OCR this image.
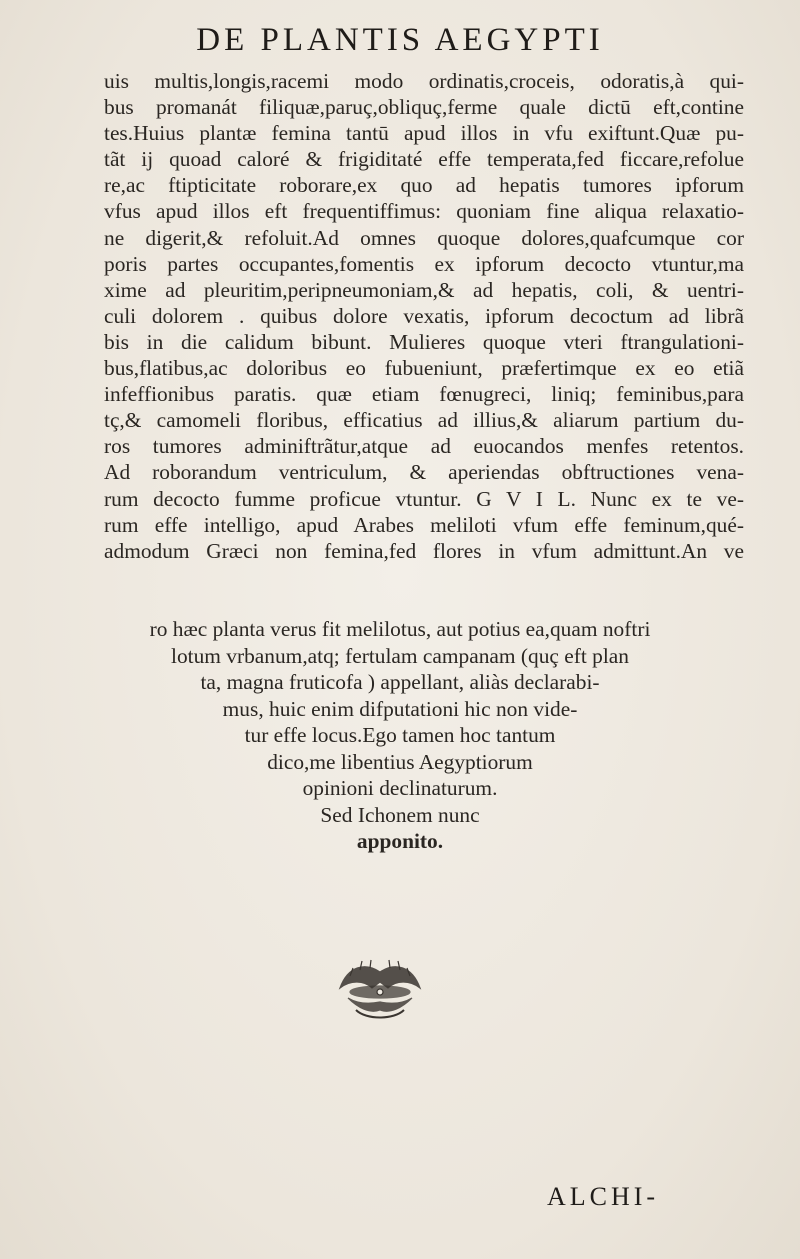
DE PLANTIS AEGYPTI
uis multis,longis,racemi modo ordinatis,croceis, odoratis,à qui-
bus promanát filiquæ,paruç,obliquç,ferme quale dictū eft,contine
tes.Huius plantæ femina tantū apud illos in vfu exiftunt.Quæ pu-
tãt ij quoad caloré & frigiditaté effe temperata,fed ficcare,refolue
re,ac ftipticitate roborare,ex quo ad hepatis tumores ipforum
vfus apud illos eft frequentiffimus: quoniam fine aliqua relaxatio-
ne digerit,& refoluit.Ad omnes quoque dolores,quafcumque cor
poris partes occupantes,fomentis ex ipforum decocto vtuntur,ma
xime ad pleuritim,peripneumoniam,& ad hepatis, coli, & uentri-
culi dolorem . quibus dolore vexatis, ipforum decoctum ad librã
bis in die calidum bibunt. Mulieres quoque vteri ftrangulationi-
bus,flatibus,ac doloribus eo fubueniunt, præfertimque ex eo etiã
infeffionibus paratis. quæ etiam fœnugreci, liniq; feminibus,para
tç,& camomeli floribus, efficatius ad illius,& aliarum partium du-
ros tumores adminiftrãtur,atque ad euocandos menfes retentos.
Ad roborandum ventriculum, & aperiendas obftructiones vena-
rum decocto fumme proficue vtuntur. G V I L. Nunc ex te ve-
rum effe intelligo, apud Arabes meliloti vfum effe feminum,qué-
admodum Græci non femina,fed flores in vfum admittunt.An ve
ro hæc planta verus fit melilotus, aut potius ea,quam noftri
lotum vrbanum,atq; fertulam campanam (quç eft plan
ta, magna fruticofa ) appellant, aliàs declarabi-
mus, huic enim difputationi hic non vide-
tur effe locus.Ego tamen hoc tantum
dico,me libentius Aegyptiorum
opinioni declinaturum.
Sed Ichonem nunc
apponito.
ALCHI-
